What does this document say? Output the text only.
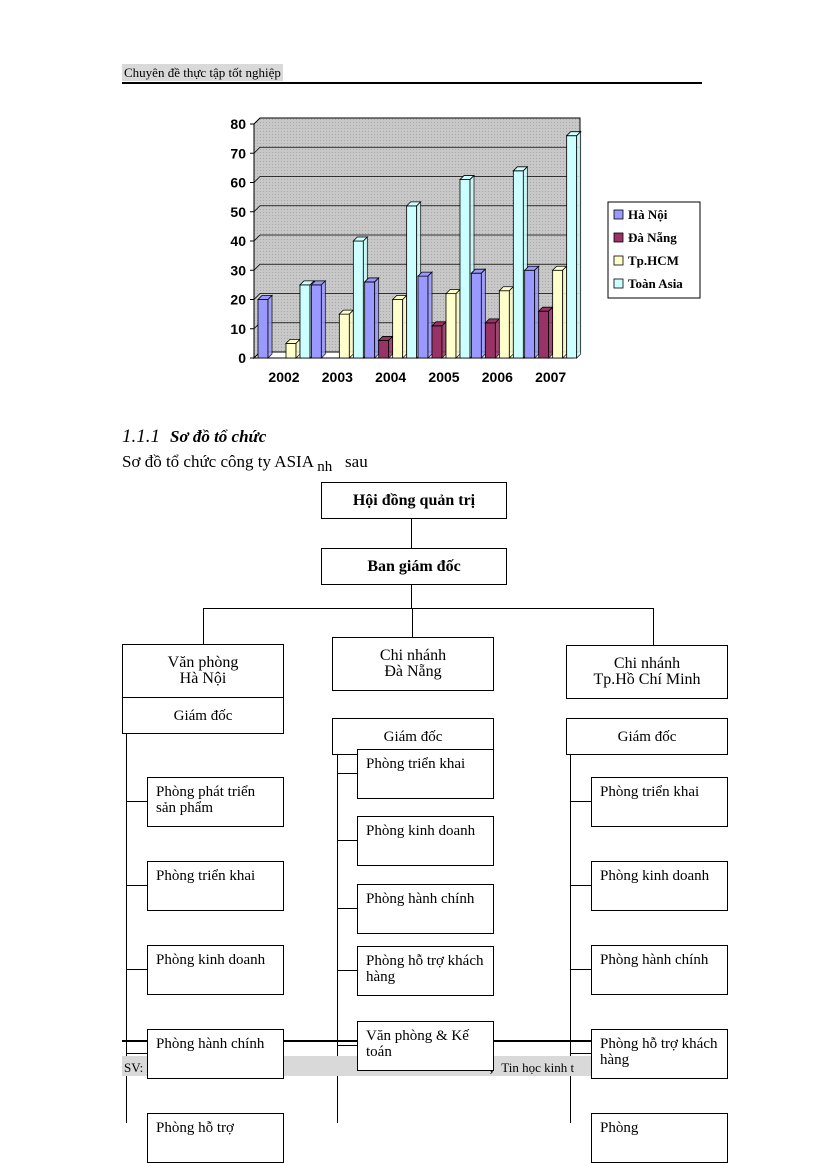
Chuyên đề thực tập tốt nghiệp
0
10
20
30
40
50
60
70
80
2002 2003 2004 2005 2006 2007
Hà Nội
Đà Nẵng
Tp.HCM
Toàn Asia
1.1.1 Sơ đồ tổ chức
Sơ đồ tổ chức công ty ASIA nh sau
SV:	Tin học kinh t
Hội đồng quản trị
Ban giám đốc
Văn phòng
Hà Nội
Giám đốc
Phòng phát triển sản phẩm
Phòng triển khai
Phòng kinh doanh
Phòng hành chính
Phòng hỗ trợ
Chi nhánh
Đà Nẵng
Giám đốc
Phòng triển khai
Phòng kinh doanh
Phòng hành chính
Phòng hỗ trợ khách hàng
Văn phòng & Kế toán
Chi nhánh
Tp.Hồ Chí Minh
Giám đốc
Phòng triển khai
Phòng kinh doanh
Phòng hành chính
Phòng hỗ trợ khách hàng
Phòng
